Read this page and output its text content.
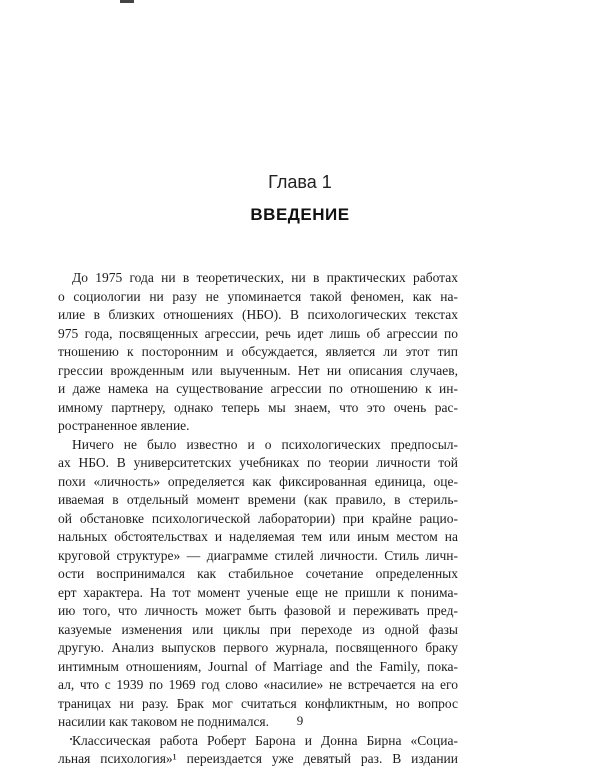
Глава 1
ВВЕДЕНИЕ
До 1975 года ни в теоретических, ни в практических работах
о социологии ни разу не упоминается такой феномен, как на-
илие в близких отношениях (НБО). В психологических текстах
975 года, посвященных агрессии, речь идет лишь об агрессии по
тношению к посторонним и обсуждается, является ли этот тип
грессии врожденным или выученным. Нет ни описания случаев,
и даже намека на существование агрессии по отношению к ин-
имному партнеру, однако теперь мы знаем, что это очень рас-
ространенное явление.
Ничего не было известно и о психологических предпосыл-
ах НБО. В университетских учебниках по теории личности той
похи «личность» определяется как фиксированная единица, оце-
иваемая в отдельный момент времени (как правило, в стериль-
ой обстановке психологической лаборатории) при крайне рацио-
нальных обстоятельствах и наделяемая тем или иным местом на
круговой структуре» — диаграмме стилей личности. Стиль личн-
ости воспринимался как стабильное сочетание определенных
ерт характера. На тот момент ученые еще не пришли к понима-
ию того, что личность может быть фазовой и переживать пред-
казуемые изменения или циклы при переходе из одной фазы
другую. Анализ выпусков первого журнала, посвященного браку
интимным отношениям, Journal of Marriage and the Family, пока-
ал, что с 1939 по 1969 год слово «насилие» не встречается на его
траницах ни разу. Брак мог считаться конфликтным, но вопрос
насилии как таковом не поднимался.
Классическая работа Роберт Барона и Донна Бирна «Социа-
льная психология»¹ переиздается уже девятый раз. В издании
9
